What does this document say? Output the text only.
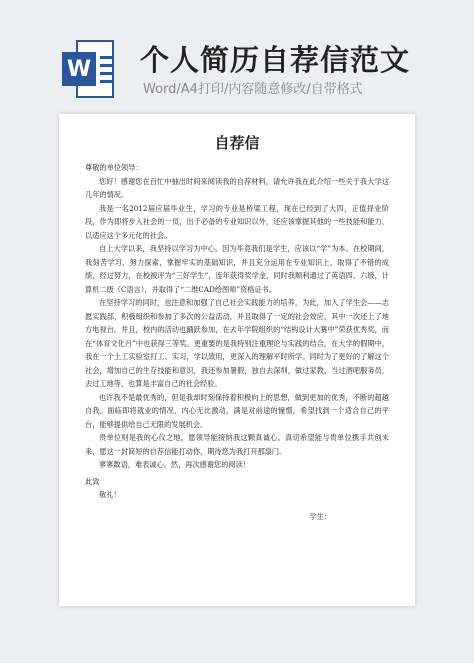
W 个人简历自荐信范文
Word/A4打印/内容随意修改/自带格式
自荐信

尊敬的单位领导：

您好！感谢您在百忙中抽出时间来阅读我的自荐材料，请允许我在此介绍一些关于我大学这几年的情况。

我是一名2012届应届毕业生，学习的专业是桥梁工程，现在已经到了大四，正值择业阶段，作为即将步入社会的一员，出于必备的专业知识以外，还应该掌握其他的一些技能和能力，以适应这个多元化的社会。

自上大学以来，我坚持以学习为中心，因为毕竟我们是学生，应该以“学”为本。在校期间，我刻苦学习，努力探索，掌握牢实的基础知识，并且充分运用在专业知识上，取得了不错的成绩，经过努力，在校被评为“三好学生”，连年获得奖学金，同时我顺利通过了英语四、六级，计算机二级（C语言），并取得了“二维CAD绘图师”资格证书。

在坚持学习的同时，也注意和加强了自己社会实践能力的培养，为此，加入了学生会——志愿实践部，积极组织和参加了多次的公益活动，并且取得了一定的社会效应，其中一次还上了地方电视台。并且，校内的活动也踊跃参加，在去年学院组织的“结构设计大赛中”荣获优秀奖，而在“体育文化月”中也获得三等奖。更重要的是我特别注重理论与实践的结合，在大学的假期中，我在一个土工实验室打工、实习，学以致用，更深入的理解平时所学。同时为了更好的了解这个社会，增加自己的生存技能和意识，我还参加暑假，独自去深圳，做过家教，当过酒吧服务员，去过工地等，也算是丰富自己的社会经验。

也许我不是最优秀的，但是我却时刻保持着积极向上的思想，做到更加的优秀，不断的超越自我。面临即将就业的情况，内心无比激动，满是对前途的憧憬，希望找到一个适合自己的平台，能够提供给自己无限的发展机会。

贵单位则是我的心仪之地，愿领导能接纳我这颗真诚心。真切希望能与贵单位携手共创未来，愿这一封简短的自荐信能打动你，期待您为我打开那扇门。

寥寥数语，难表诚心。然，再次感谢您的阅读！

此致

敬礼！

学生：
